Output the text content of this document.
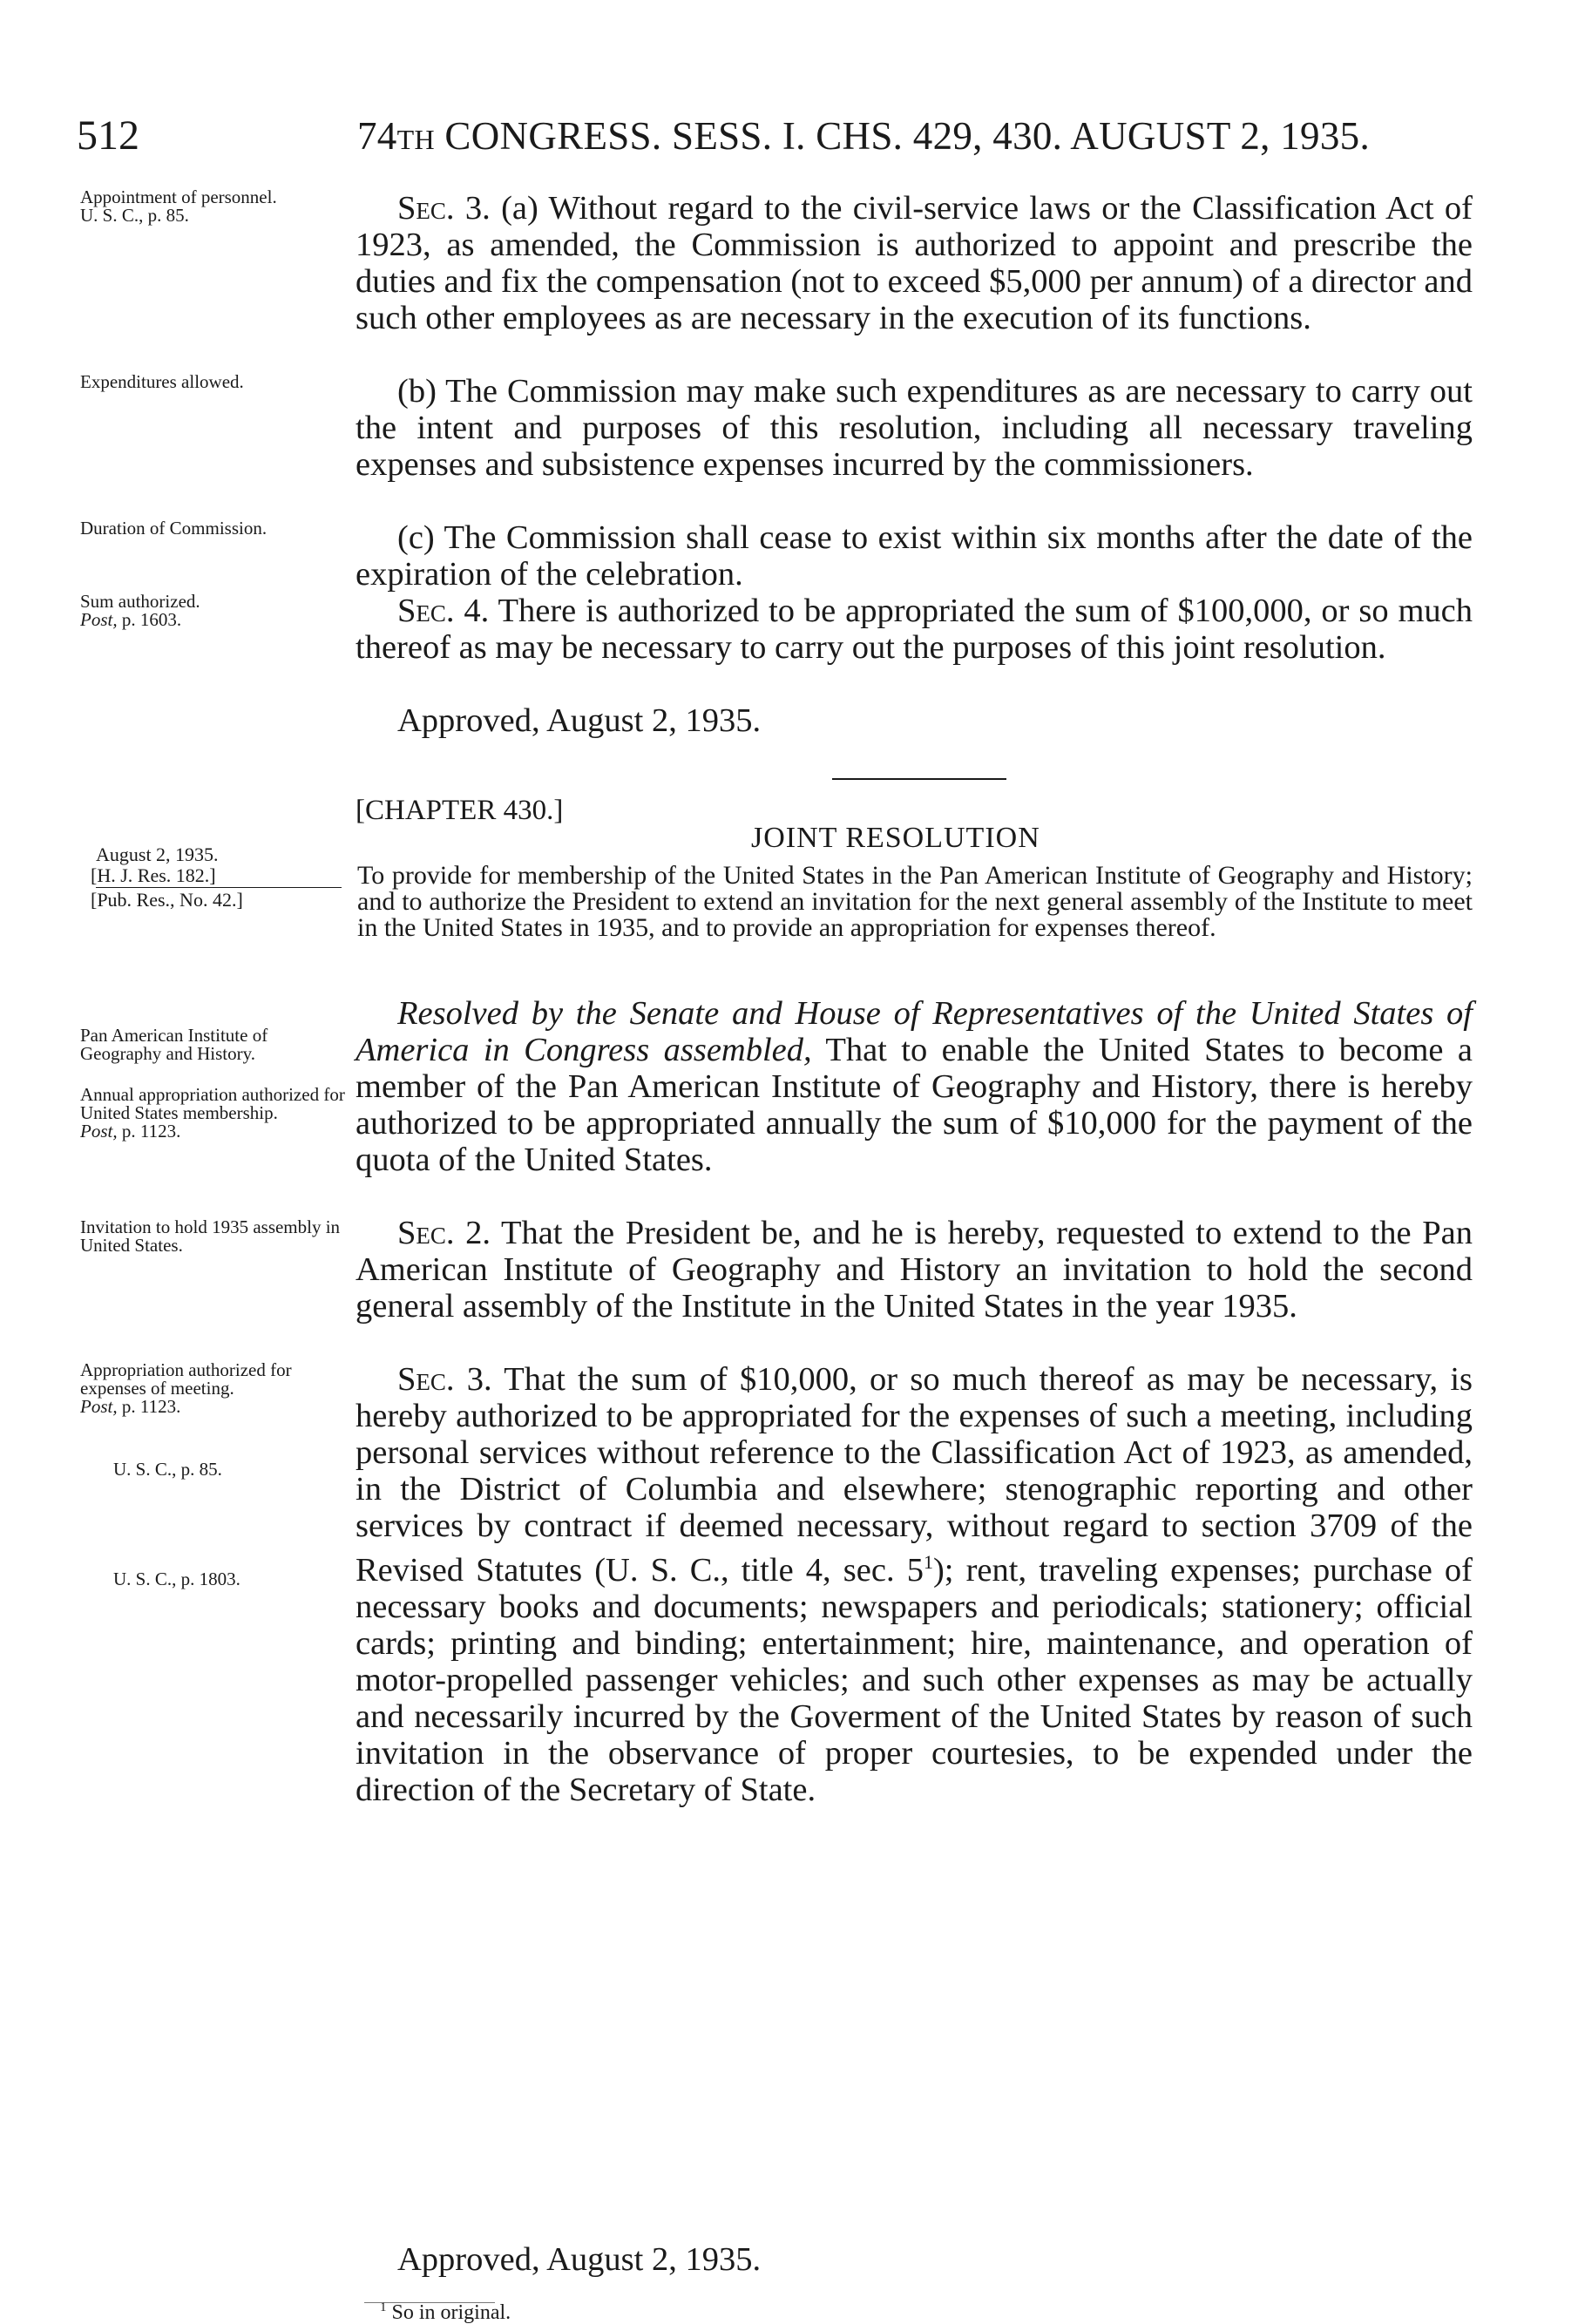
512	74TH CONGRESS. SESS. I. CHS. 429, 430. AUGUST 2, 1935.
Sec. 3. (a) Without regard to the civil-service laws or the Classification Act of 1923, as amended, the Commission is authorized to appoint and prescribe the duties and fix the compensation (not to exceed $5,000 per annum) of a director and such other employees as are necessary in the execution of its functions.
(b) The Commission may make such expenditures as are necessary to carry out the intent and purposes of this resolution, including all necessary traveling expenses and subsistence expenses incurred by the commissioners.
(c) The Commission shall cease to exist within six months after the date of the expiration of the celebration.
Sec. 4. There is authorized to be appropriated the sum of $100,000, or so much thereof as may be necessary to carry out the purposes of this joint resolution.
Approved, August 2, 1935.
Appointment of personnel.
U. S. C., p. 85.
Expenditures allowed.
Duration of Commission.
Sum authorized.
Post, p. 1603.
[CHAPTER 430.]
JOINT RESOLUTION
August 2, 1935.
[H. J. Res. 182.]
[Pub. Res., No. 42.]
To provide for membership of the United States in the Pan American Institute of Geography and History; and to authorize the President to extend an invitation for the next general assembly of the Institute to meet in the United States in 1935, and to provide an appropriation for expenses thereof.
Resolved by the Senate and House of Representatives of the United States of America in Congress assembled, That to enable the United States to become a member of the Pan American Institute of Geography and History, there is hereby authorized to be appropriated annually the sum of $10,000 for the payment of the quota of the United States.
Sec. 2. That the President be, and he is hereby, requested to extend to the Pan American Institute of Geography and History an invitation to hold the second general assembly of the Institute in the United States in the year 1935.
Sec. 3. That the sum of $10,000, or so much thereof as may be necessary, is hereby authorized to be appropriated for the expenses of such a meeting, including personal services without reference to the Classification Act of 1923, as amended, in the District of Columbia and elsewhere; stenographic reporting and other services by contract if deemed necessary, without regard to section 3709 of the Revised Statutes (U. S. C., title 4, sec. $5^1$); rent, traveling expenses; purchase of necessary books and documents; newspapers and periodicals; stationery; official cards; printing and binding; entertainment; hire, maintenance, and operation of motor-propelled passenger vehicles; and such other expenses as may be actually and necessarily incurred by the Goverment of the United States by reason of such invitation in the observance of proper courtesies, to be expended under the direction of the Secretary of State.
Approved, August 2, 1935.
Pan American Institute of Geography and History.
Annual appropriation authorized for United States membership.
Post, p. 1123.
Invitation to hold 1935 assembly in United States.
Appropriation authorized for expenses of meeting.
Post, p. 1123.
U. S. C., p. 85.
U. S. C., p. 1803.
$^1$ So in original.
